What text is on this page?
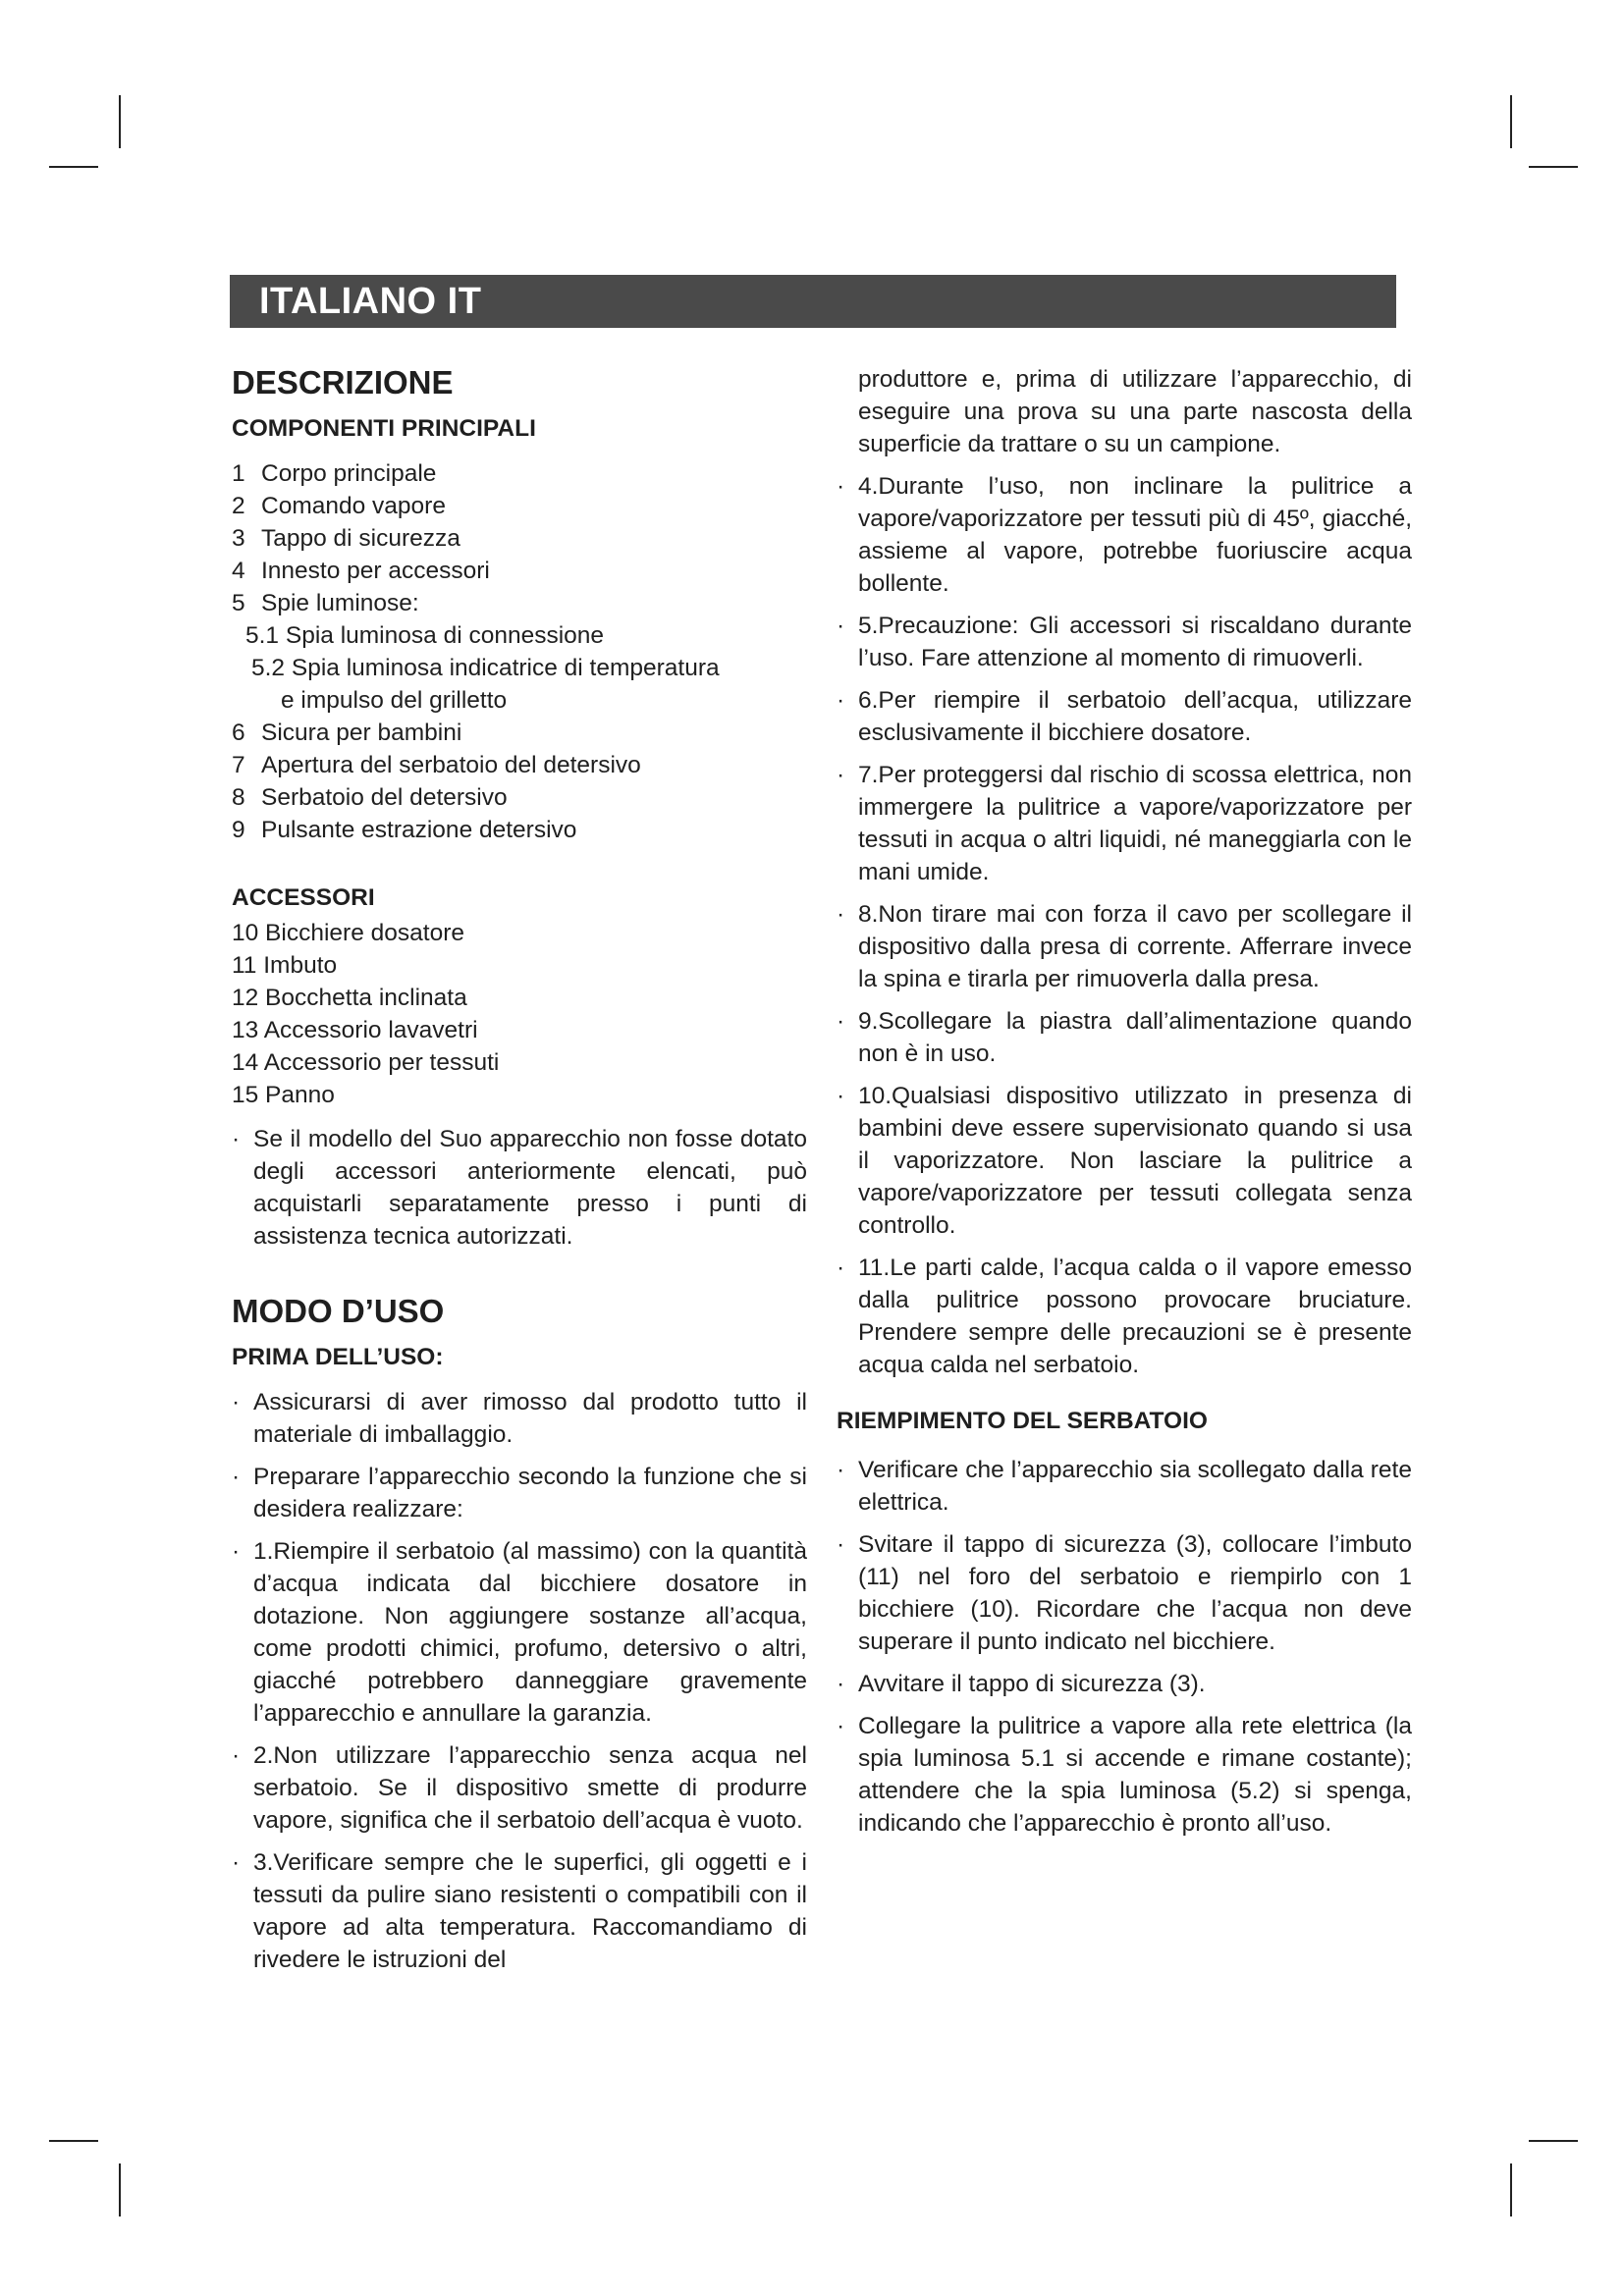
ITALIANO IT
DESCRIZIONE
COMPONENTI PRINCIPALI
1 Corpo principale
2 Comando vapore
3 Tappo di sicurezza
4 Innesto per accessori
5 Spie luminose:
5.1 Spia luminosa di connessione
5.2 Spia luminosa indicatrice di temperatura
e impulso del grilletto
6 Sicura per bambini
7 Apertura del serbatoio del detersivo
8 Serbatoio del detersivo
9 Pulsante estrazione detersivo
ACCESSORI
10 Bicchiere dosatore
11 Imbuto
12 Bocchetta inclinata
13 Accessorio lavavetri
14 Accessorio per tessuti
15 Panno
· Se il modello del Suo apparecchio non fosse dotato degli accessori anteriormente elencati, può acquistarli separatamente presso i punti di assistenza tecnica autorizzati.
MODO D’USO
PRIMA DELL’USO:
· Assicurarsi di aver rimosso dal prodotto tutto il materiale di imballaggio.
· Preparare l’apparecchio secondo la funzione che si desidera realizzare:
· 1.Riempire il serbatoio (al massimo) con la quantità d’acqua indicata dal bicchiere dosatore in dotazione. Non aggiungere sostanze all’acqua, come prodotti chimici, profumo, detersivo o altri, giacché potrebbero danneggiare gravemente l’apparecchio e annullare la garanzia.
· 2.Non utilizzare l’apparecchio senza acqua nel serbatoio. Se il dispositivo smette di produrre vapore, significa che il serbatoio dell’acqua è vuoto.
· 3.Verificare sempre che le superfici, gli oggetti e i tessuti da pulire siano resistenti o compatibili con il vapore ad alta temperatura. Raccomandiamo di rivedere le istruzioni del

produttore e, prima di utilizzare l’apparecchio, di eseguire una prova su una parte nascosta della superficie da trattare o su un campione.

· 4.Durante l’uso, non inclinare la pulitrice a vapore/vaporizzatore per tessuti più di 45º, giacché, assieme al vapore, potrebbe fuoriuscire acqua bollente.
· 5.Precauzione: Gli accessori si riscaldano durante l’uso. Fare attenzione al momento di rimuoverli.
· 6.Per riempire il serbatoio dell’acqua, utilizzare esclusivamente il bicchiere dosatore.
· 7.Per proteggersi dal rischio di scossa elettrica, non immergere la pulitrice a vapore/vaporizzatore per tessuti in acqua o altri liquidi, né maneggiarla con le mani umide.
· 8.Non tirare mai con forza il cavo per scollegare il dispositivo dalla presa di corrente. Afferrare invece la spina e tirarla per rimuoverla dalla presa.
· 9.Scollegare la piastra dall’alimentazione quando non è in uso.
· 10.Qualsiasi dispositivo utilizzato in presenza di bambini deve essere supervisionato quando si usa il vaporizzatore. Non lasciare la pulitrice a vapore/vaporizzatore per tessuti collegata senza controllo.
· 11.Le parti calde, l’acqua calda o il vapore emesso dalla pulitrice possono provocare bruciature. Prendere sempre delle precauzioni se è presente acqua calda nel serbatoio.
RIEMPIMENTO DEL SERBATOIO
· Verificare che l’apparecchio sia scollegato dalla rete elettrica.
· Svitare il tappo di sicurezza (3), collocare l’imbuto (11) nel foro del serbatoio e riempirlo con 1 bicchiere (10). Ricordare che l’acqua non deve superare il punto indicato nel bicchiere.
· Avvitare il tappo di sicurezza (3).
· Collegare la pulitrice a vapore alla rete elettrica (la spia luminosa 5.1 si accende e rimane costante); attendere che la spia luminosa (5.2) si spenga, indicando che l’apparecchio è pronto all’uso.
